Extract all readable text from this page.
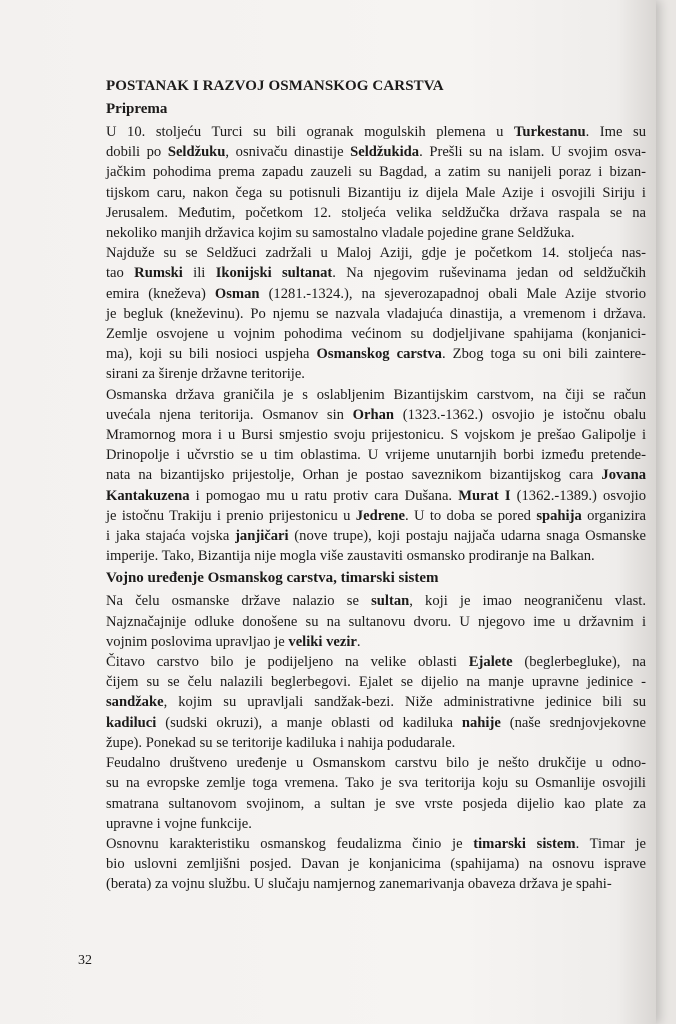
POSTANAK I RAZVOJ OSMANSKOG CARSTVA
Priprema
U 10. stoljeću Turci su bili ogranak mogulskih plemena u Turkestanu. Ime su
dobili po Seldžuku, osnivaču dinastije Seldžukida. Prešli su na islam. U svojim osva-
jačkim pohodima prema zapadu zauzeli su Bagdad, a zatim su nanijeli poraz i bizan-
tijskom caru, nakon čega su potisnuli Bizantiju iz dijela Male Azije i osvojili Siriju i
Jerusalem. Međutim, početkom 12. stoljeća velika seldžučka država raspala se na
nekoliko manjih državica kojim su samostalno vladale pojedine grane Seldžuka.
Najduže su se Seldžuci zadržali u Maloj Aziji, gdje je početkom 14. stoljeća nas-
tao Rumski ili Ikonijski sultanat. Na njegovim ruševinama jedan od seldžučkih
emira (kneževa) Osman (1281.-1324.), na sjeverozapadnoj obali Male Azije stvorio
je begluk (kneževinu). Po njemu se nazvala vladajuća dinastija, a vremenom i država.
Zemlje osvojene u vojnim pohodima većinom su dodjeljivane spahijama (konjanici-
ma), koji su bili nosioci uspjeha Osmanskog carstva. Zbog toga su oni bili zaintere-
sirani za širenje državne teritorije.
Osmanska država graničila je s oslabljenim Bizantijskim carstvom, na čiji se račun
uvećala njena teritorija. Osmanov sin Orhan (1323.-1362.) osvojio je istočnu obalu
Mramornog mora i u Bursi smjestio svoju prijestonicu. S vojskom je prešao Galipolje i
Drinopolje i učvrstio se u tim oblastima. U vrijeme unutarnjih borbi između pretende-
nata na bizantijsko prijestolje, Orhan je postao saveznikom bizantijskog cara Jovana
Kantakuzena i pomogao mu u ratu protiv cara Dušana. Murat I (1362.-1389.) osvojio
je istočnu Trakiju i prenio prijestonicu u Jedrene. U to doba se pored spahija organizira
i jaka stajaća vojska janjičari (nove trupe), koji postaju najjača udarna snaga Osmanske
imperije. Tako, Bizantija nije mogla više zaustaviti osmansko prodiranje na Balkan.
Vojno uređenje Osmanskog carstva, timarski sistem
Na čelu osmanske države nalazio se sultan, koji je imao neograničenu vlast.
Najznačajnije odluke donošene su na sultanovu dvoru. U njegovo ime u državnim i
vojnim poslovima upravljao je veliki vezir.
Čitavo carstvo bilo je podijeljeno na velike oblasti Ejalete (beglerbegluke), na
čijem su se čelu nalazili beglerbegovi. Ejalet se dijelio na manje upravne jedinice -
sandžake, kojim su upravljali sandžak-bezi. Niže administrativne jedinice bili su
kadiluci (sudski okruzi), a manje oblasti od kadiluka nahije (naše srednjovjekovne
župe). Ponekad su se teritorije kadiluka i nahija podudarale.
Feudalno društveno uređenje u Osmanskom carstvu bilo je nešto drukčije u odno-
su na evropske zemlje toga vremena. Tako je sva teritorija koju su Osmanlije osvojili
smatrana sultanovom svojinom, a sultan je sve vrste posjeda dijelio kao plate za
upravne i vojne funkcije.
Osnovnu karakteristiku osmanskog feudalizma činio je timarski sistem. Timar je
bio uslovni zemljišni posjed. Davan je konjanicima (spahijama) na osnovu isprave
(berata) za vojnu službu. U slučaju namjernog zanemarivanja obaveza država je spahi-
32
